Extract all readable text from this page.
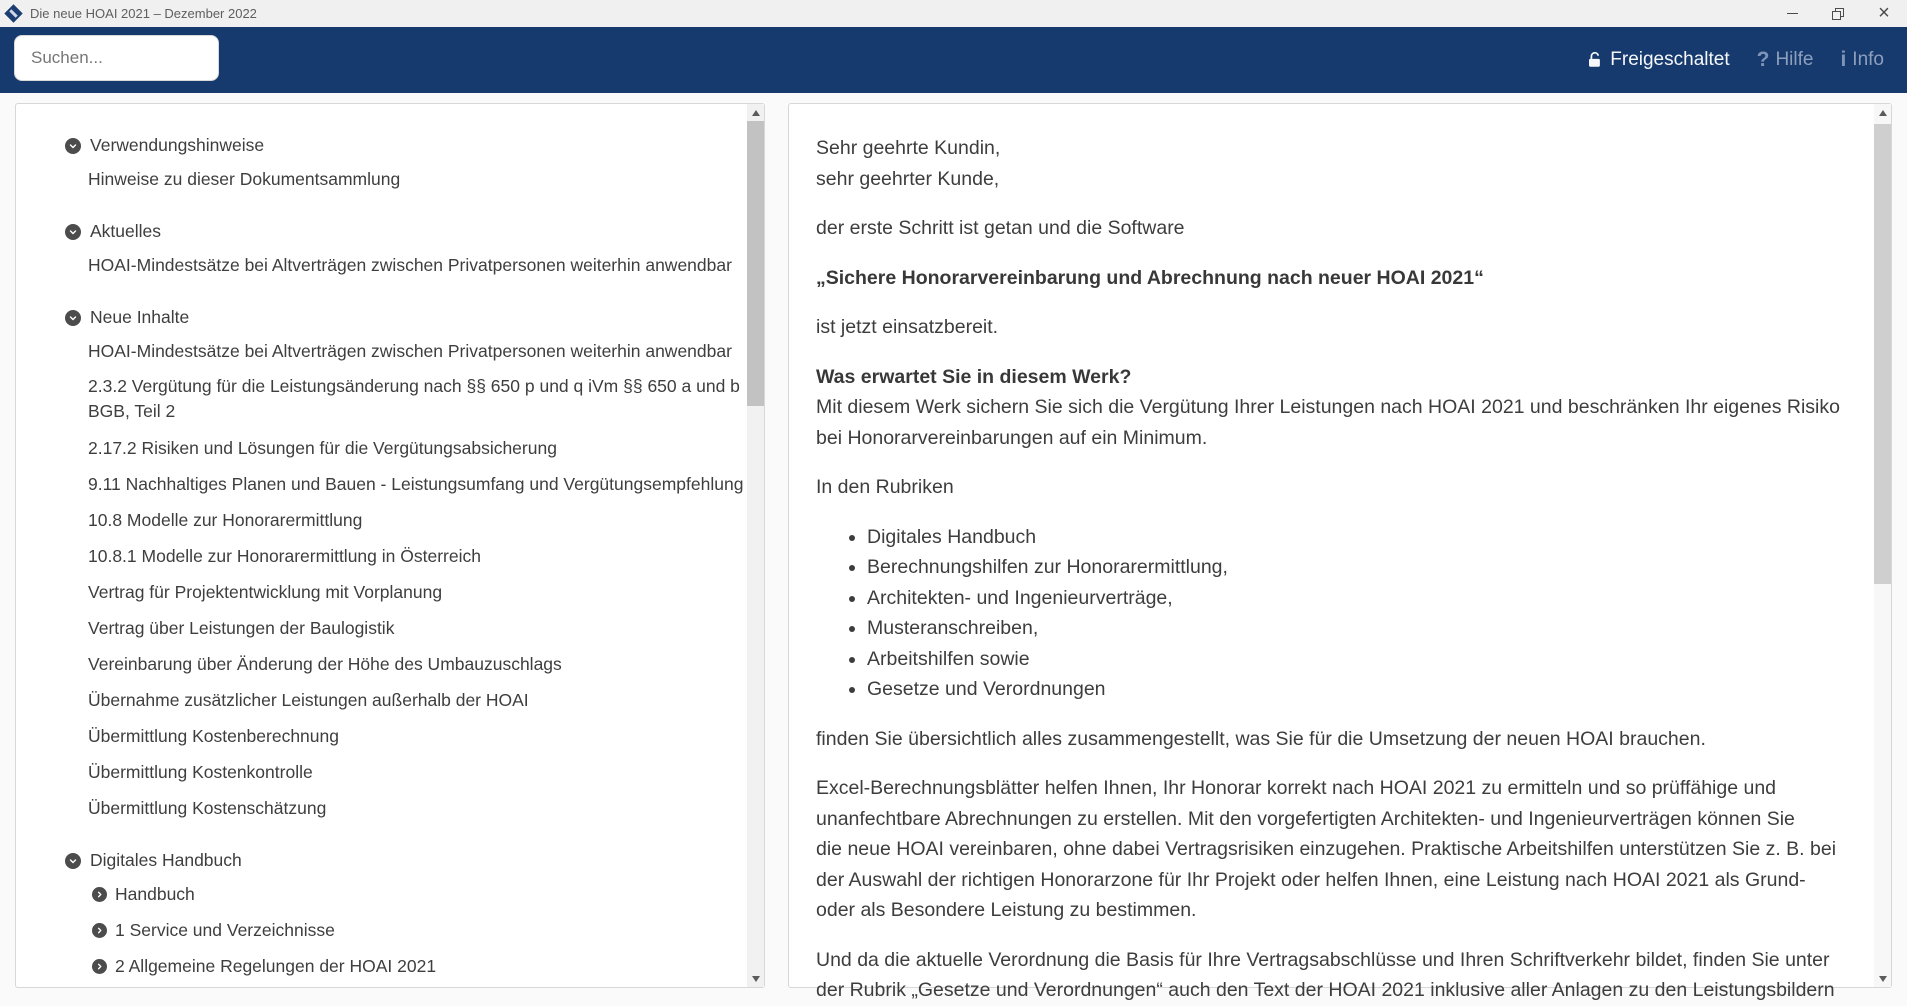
Die neue HOAI 2021 – Dezember 2022	×
Suchen...
Freigeschaltet ? Hilfe i Info
Verwendungshinweise
Hinweise zu dieser Dokumentsammlung
Aktuelles
HOAI-Mindestsätze bei Altverträgen zwischen Privatpersonen weiterhin anwendbar
Neue Inhalte
HOAI-Mindestsätze bei Altverträgen zwischen Privatpersonen weiterhin anwendbar
2.3.2 Vergütung für die Leistungsänderung nach §§ 650 p und q iVm §§ 650 a und b
BGB, Teil 2
2.17.2 Risiken und Lösungen für die Vergütungsabsicherung
9.11 Nachhaltiges Planen und Bauen - Leistungsumfang und Vergütungsempfehlung
10.8 Modelle zur Honorarermittlung
10.8.1 Modelle zur Honorarermittlung in Österreich
Vertrag für Projektentwicklung mit Vorplanung
Vertrag über Leistungen der Baulogistik
Vereinbarung über Änderung der Höhe des Umbauzuschlags
Übernahme zusätzlicher Leistungen außerhalb der HOAI
Übermittlung Kostenberechnung
Übermittlung Kostenkontrolle
Übermittlung Kostenschätzung
Digitales Handbuch
Handbuch
1 Service und Verzeichnisse
2 Allgemeine Regelungen der HOAI 2021
Sehr geehrte Kundin,
sehr geehrter Kunde,
der erste Schritt ist getan und die Software
„Sichere Honorarvereinbarung und Abrechnung nach neuer HOAI 2021“
ist jetzt einsatzbereit.
Was erwartet Sie in diesem Werk?
Mit diesem Werk sichern Sie sich die Vergütung Ihrer Leistungen nach HOAI 2021 und beschränken Ihr eigenes Risiko
bei Honorarvereinbarungen auf ein Minimum.
In den Rubriken
• Digitales Handbuch
• Berechnungshilfen zur Honorarermittlung,
• Architekten- und Ingenieurverträge,
• Musteranschreiben,
• Arbeitshilfen sowie
• Gesetze und Verordnungen
finden Sie übersichtlich alles zusammengestellt, was Sie für die Umsetzung der neuen HOAI brauchen.
Excel-Berechnungsblätter helfen Ihnen, Ihr Honorar korrekt nach HOAI 2021 zu ermitteln und so prüffähige und
unanfechtbare Abrechnungen zu erstellen. Mit den vorgefertigten Architekten- und Ingenieurverträgen können Sie
die neue HOAI vereinbaren, ohne dabei Vertragsrisiken einzugehen. Praktische Arbeitshilfen unterstützen Sie z. B. bei
der Auswahl der richtigen Honorarzone für Ihr Projekt oder helfen Ihnen, eine Leistung nach HOAI 2021 als Grund-
oder als Besondere Leistung zu bestimmen.
Und da die aktuelle Verordnung die Basis für Ihre Vertragsabschlüsse und Ihren Schriftverkehr bildet, finden Sie unter
der Rubrik „Gesetze und Verordnungen“ auch den Text der HOAI 2021 inklusive aller Anlagen zu den Leistungsbildern
